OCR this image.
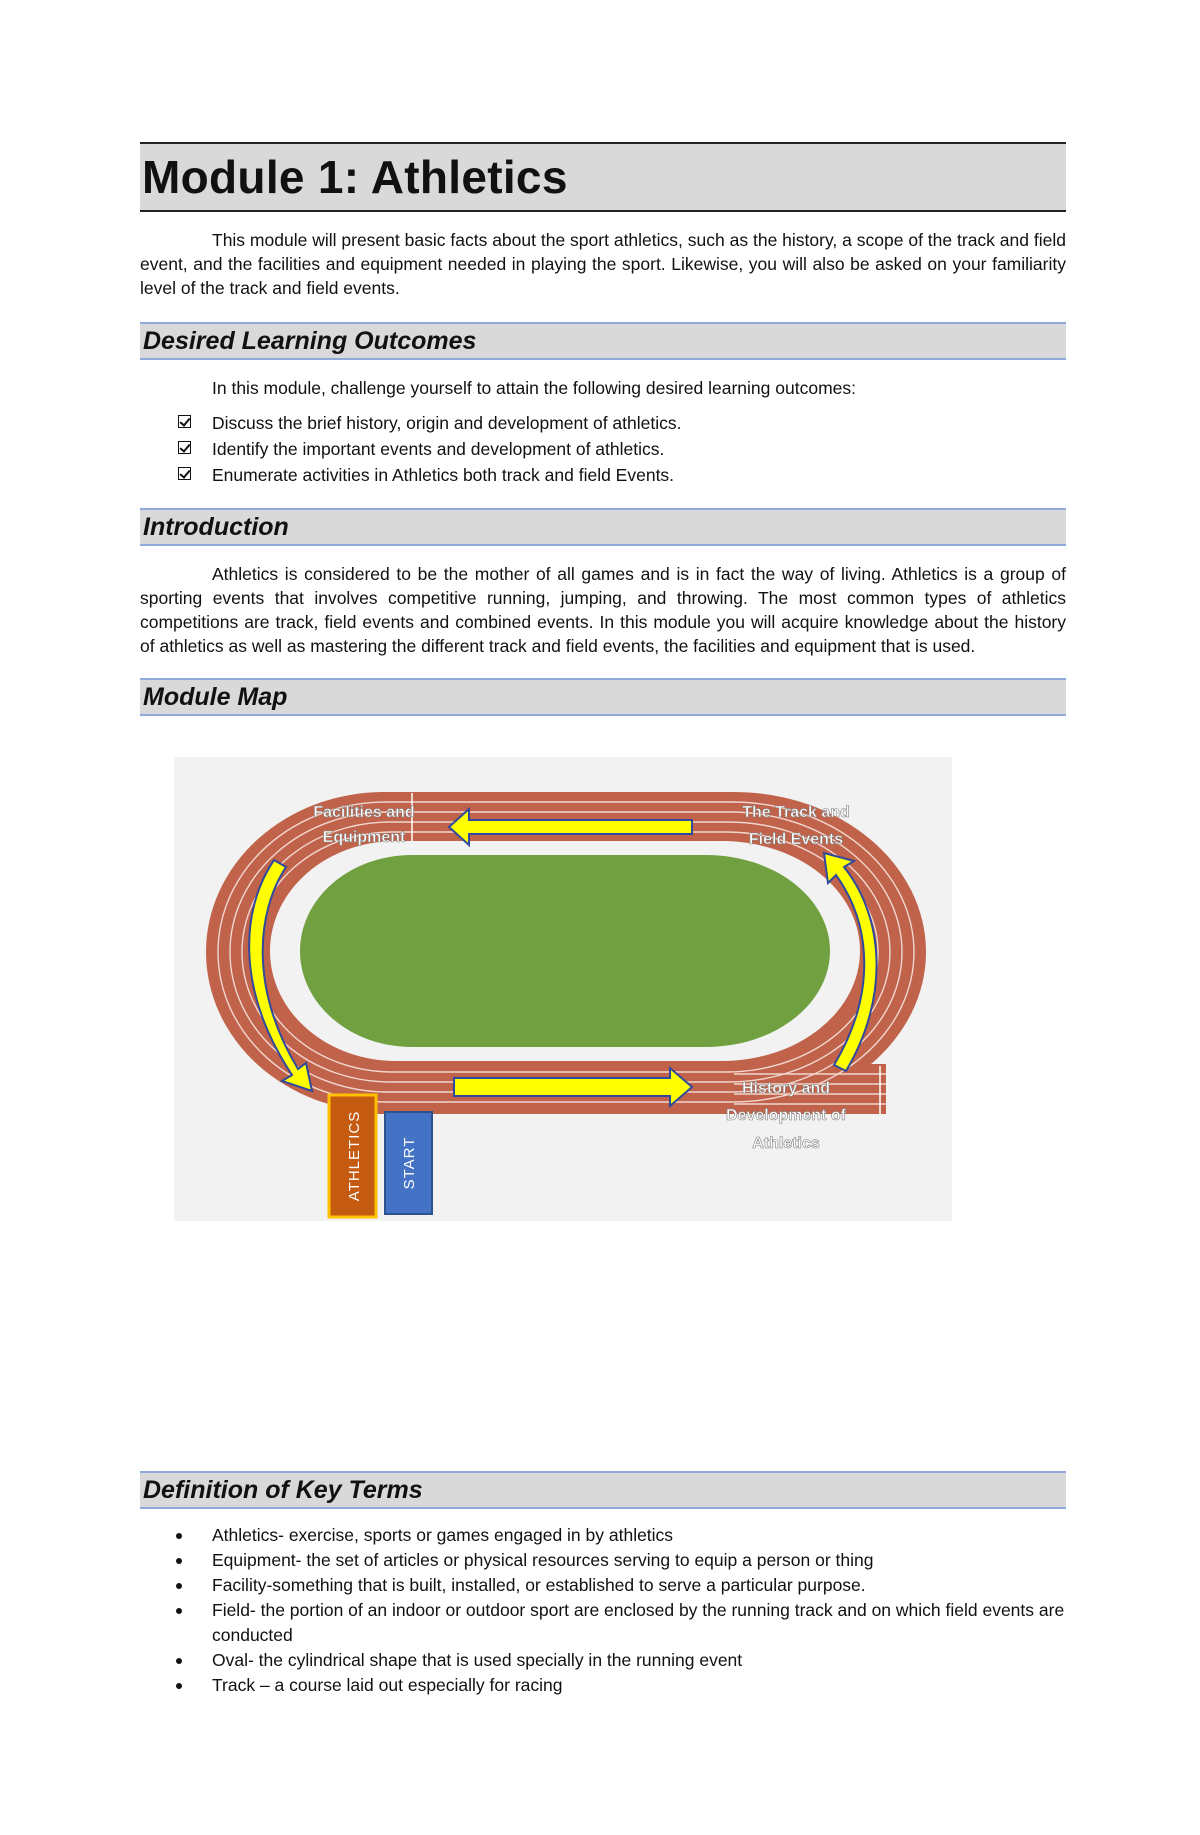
Module 1: Athletics

This module will present basic facts about the sport athletics, such as the history, a scope of the track and field event, and the facilities and equipment needed in playing the sport. Likewise, you will also be asked on your familiarity level of the track and field events.

Desired Learning Outcomes

In this module, challenge yourself to attain the following desired learning outcomes:

Discuss the brief history, origin and development of athletics.
Identify the important events and development of athletics.
Enumerate activities in Athletics both track and field Events.
Introduction

Athletics is considered to be the mother of all games and is in fact the way of living. Athletics is a group of sporting events that involves competitive running, jumping, and throwing. The most common types of athletics competitions are track, field events and combined events. In this module you will acquire knowledge about the history of athletics as well as mastering the different track and field events, the facilities and equipment that is used.

Module Map
ATHLETICS	START
Facilities and
Equipment
The Track and
Field Events
History and
Development of
Athletics
Definition of Key Terms
Athletics- exercise, sports or games engaged in by athletics
Equipment- the set of articles or physical resources serving to equip a person or thing
Facility-something that is built, installed, or established to serve a particular purpose.
Field- the portion of an indoor or outdoor sport are enclosed by the running track and on which field events are conducted
Oval- the cylindrical shape that is used specially in the running event
Track – a course laid out especially for racing
